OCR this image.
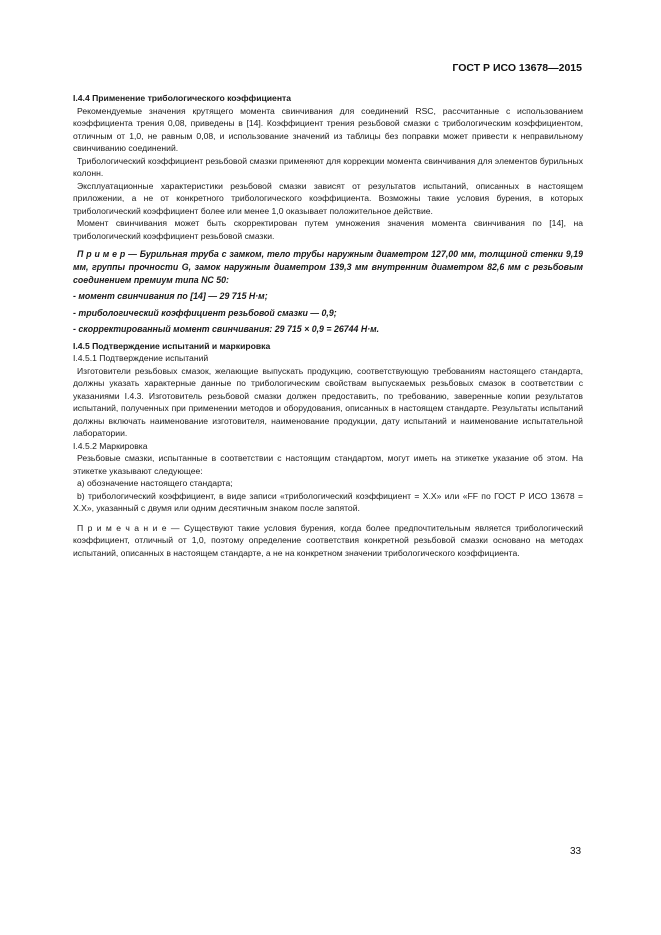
ГОСТ Р ИСО 13678—2015

I.4.4 Применение трибологического коэффициента

Рекомендуемые значения крутящего момента свинчивания для соединений RSC, рассчитанные с использованием коэффициента трения 0,08, приведены в [14]. Коэффициент трения резьбовой смазки с трибологическим коэффициентом, отличным от 1,0, не равным 0,08, и использование значений из таблицы без поправки может привести к неправильному свинчиванию соединений.

Трибологический коэффициент резьбовой смазки применяют для коррекции момента свинчивания для элементов бурильных колонн.

Эксплуатационные характеристики резьбовой смазки зависят от результатов испытаний, описанных в настоящем приложении, а не от конкретного трибологического коэффициента. Возможны такие условия бурения, в которых трибологический коэффициент более или менее 1,0 оказывает положительное действие.

Момент свинчивания может быть скорректирован путем умножения значения момента свинчивания по [14], на трибологический коэффициент резьбовой смазки.

П р и м е р — Бурильная труба с замком, тело трубы наружным диаметром 127,00 мм, толщиной стенки 9,19 мм, группы прочности G, замок наружным диаметром 139,3 мм внутренним диаметром 82,6 мм с резьбовым соединением премиум типа NC 50:

- момент свинчивания по [14] — 29 715 Н·м;

- трибологический коэффициент резьбовой смазки — 0,9;

- скорректированный момент свинчивания: 29 715 × 0,9 = 26744 Н·м.

I.4.5 Подтверждение испытаний и маркировка

I.4.5.1 Подтверждение испытаний

Изготовители резьбовых смазок, желающие выпускать продукцию, соответствующую требованиям настоящего стандарта, должны указать характерные данные по трибологическим свойствам выпускаемых резьбовых смазок в соответствии с указаниями I.4.3. Изготовитель резьбовой смазки должен предоставить, по требованию, заверенные копии результатов испытаний, полученных при применении методов и оборудования, описанных в настоящем стандарте. Результаты испытаний должны включать наименование изготовителя, наименование продукции, дату испытаний и наименование испытательной лаборатории.

I.4.5.2 Маркировка

Резьбовые смазки, испытанные в соответствии с настоящим стандартом, могут иметь на этикетке указание об этом. На этикетке указывают следующее:

a) обозначение настоящего стандарта;

b) трибологический коэффициент, в виде записи «трибологический коэффициент = X.X» или «FF по ГОСТ Р ИСО 13678 = X.X», указанный с двумя или одним десятичным знаком после запятой.

П р и м е ч а н и е — Существуют такие условия бурения, когда более предпочтительным является трибологический коэффициент, отличный от 1,0, поэтому определение соответствия конкретной резьбовой смазки основано на методах испытаний, описанных в настоящем стандарте, а не на конкретном значении трибологического коэффициента.

33
